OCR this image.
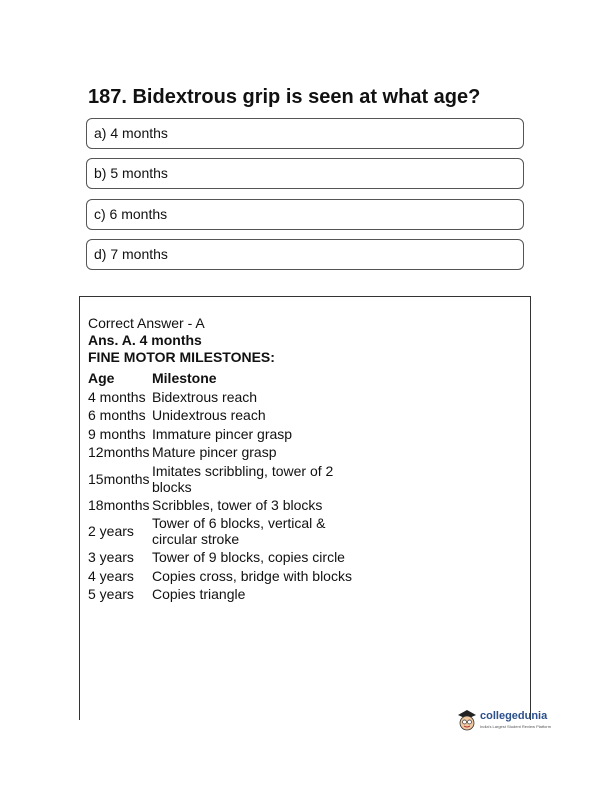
187. Bidextrous grip is seen at what age?
a) 4 months
b) 5 months
c) 6 months
d) 7 months
Correct Answer - A
Ans. A. 4 months
FINE MOTOR MILESTONES:
Age	Milestone
4 months	Bidextrous reach
6 months	Unidextrous reach
9 months	Immature pincer grasp
12months	Mature pincer grasp
15months	Imitates scribbling, tower of 2 blocks
18months	Scribbles, tower of 3 blocks
2 years	Tower of 6 blocks, vertical & circular stroke
3 years	Tower of 9 blocks, copies circle
4 years	Copies cross, bridge with blocks
5 years	Copies triangle
collegedunia
India's Largest Student Review Platform
